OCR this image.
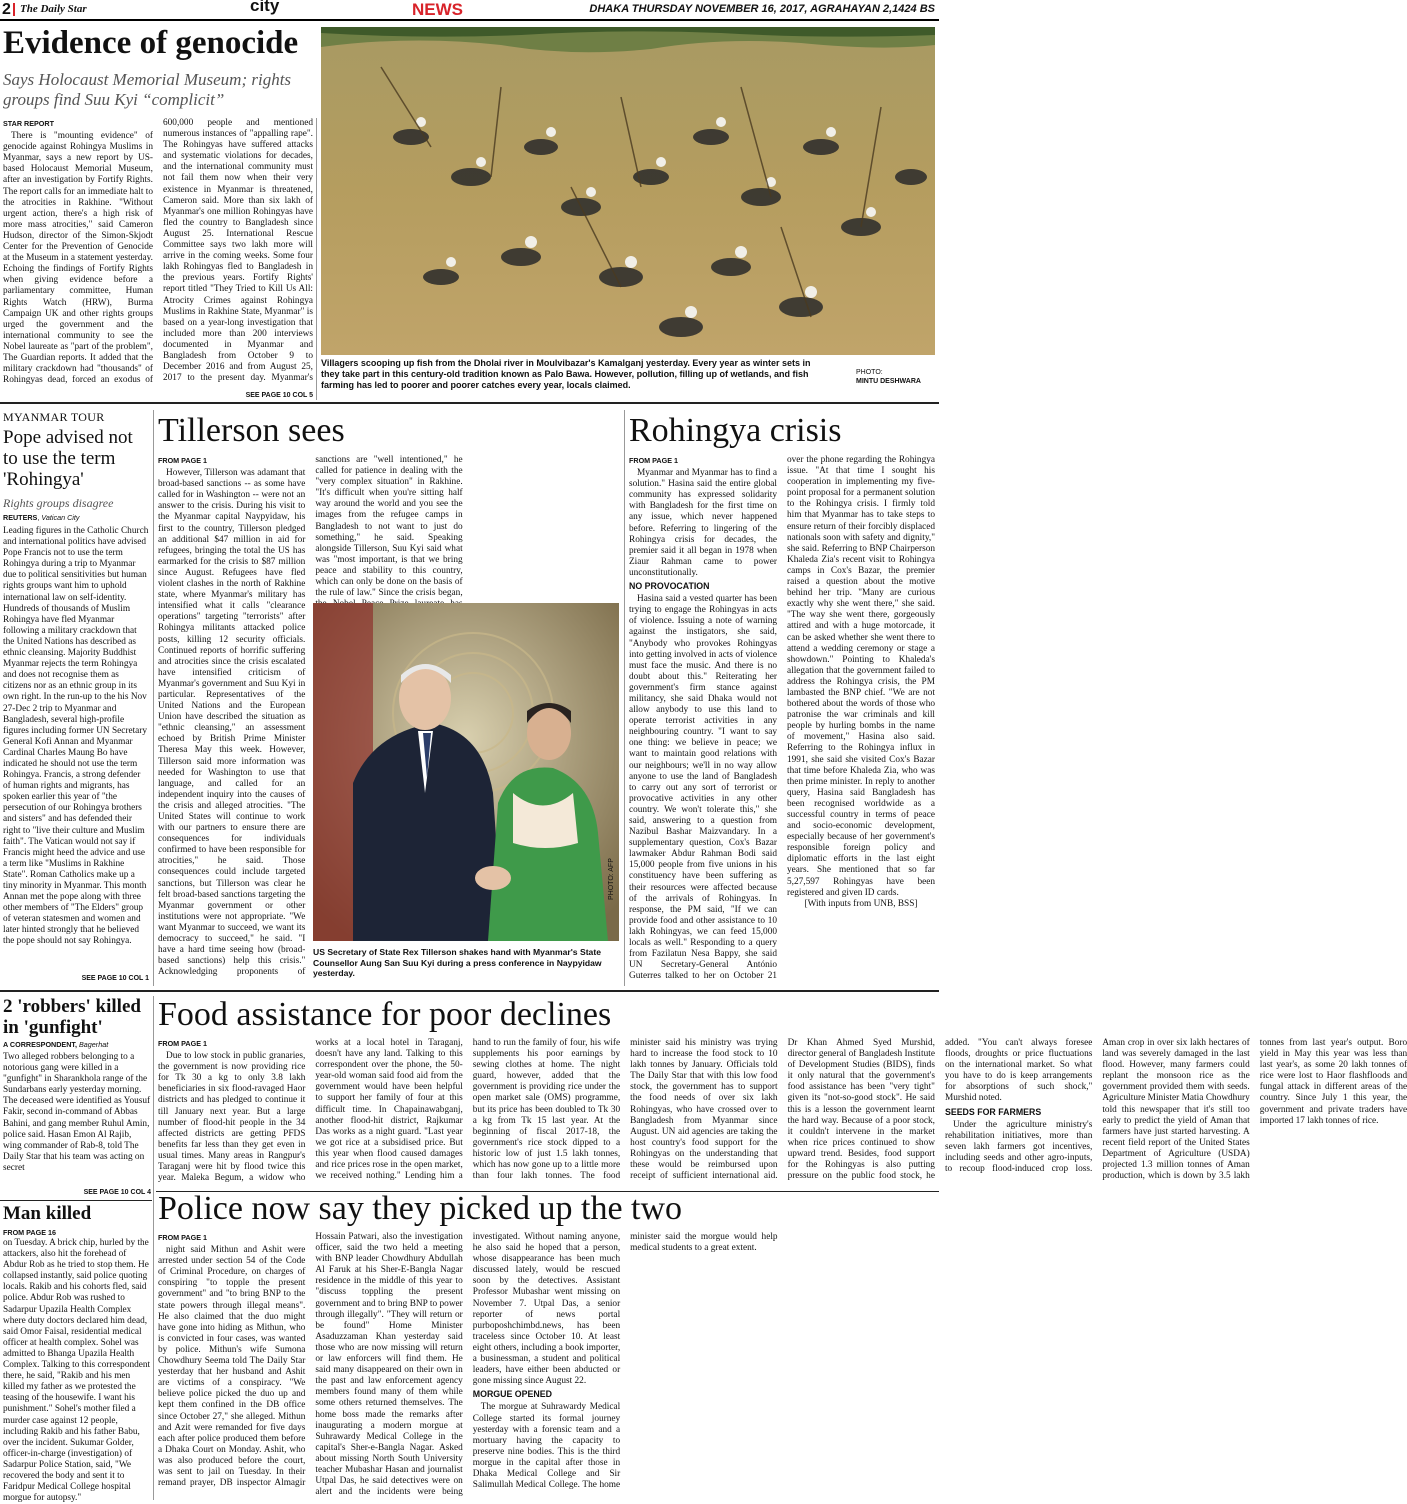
2 The Daily Star	city	NEWS	DHAKA THURSDAY NOVEMBER 16, 2017, AGRAHAYAN 2,1424 BS
Evidence of genocide
Says Holocaust Memorial Museum; rights groups find Suu Kyi “complicit”
STAR REPORT

There is "mounting evidence" of genocide against Rohingya Muslims in Myanmar, says a new report by US-based Holocaust Memorial Museum, after an investigation by Fortify Rights. The report calls for an immediate halt to the atrocities in Rakhine. "Without urgent action, there's a high risk of more mass atrocities," said Cameron Hudson, director of the Simon-Skjodt Center for the Prevention of Genocide at the Museum in a statement yesterday. Echoing the findings of Fortify Rights when giving evidence before a parliamentary committee, Human Rights Watch (HRW), Burma Campaign UK and other rights groups urged the government and the international community to see the Nobel laureate as "part of the problem", The Guardian reports. It added that the military crackdown had "thousands" of Rohingyas dead, forced an exodus of 600,000 people and mentioned numerous instances of "appalling rape". The Rohingyas have suffered attacks and systematic violations for decades, and the international community must not fail them now when their very existence in Myanmar is threatened, Cameron said. More than six lakh of Myanmar's one million Rohingyas have fled the country to Bangladesh since August 25. International Rescue Committee says two lakh more will arrive in the coming weeks. Some four lakh Rohingyas fled to Bangladesh in the previous years. Fortify Rights' report titled "They Tried to Kill Us All: Atrocity Crimes against Rohingya Muslims in Rakhine State, Myanmar" is based on a year-long investigation that included more than 200 interviews documented in Myanmar and Bangladesh from October 9 to December 2016 and from August 25, 2017 to the present day. Myanmar's

SEE PAGE 10 COL 5
Villagers scooping up fish from the Dholai river in Moulvibazar's Kamalganj yesterday. Every year as winter sets in they take part in this century-old tradition known as Palo Bawa. However, pollution, filling up of wetlands, and fish farming has led to poorer and poorer catches every year, locals claimed.
PHOTO:
MINTU DESHWARA
MYANMAR TOUR
Pope advised not to use the term 'Rohingya'
Rights groups disagree
REUTERS, Vatican City
Leading figures in the Catholic Church and international politics have advised Pope Francis not to use the term Rohingya during a trip to Myanmar due to political sensitivities but human rights groups want him to uphold international law on self-identity. Hundreds of thousands of Muslim Rohingya have fled Myanmar following a military crackdown that the United Nations has described as ethnic cleansing. Majority Buddhist Myanmar rejects the term Rohingya and does not recognise them as citizens nor as an ethnic group in its own right. In the run-up to the his Nov 27-Dec 2 trip to Myanmar and Bangladesh, several high-profile figures including former UN Secretary General Kofi Annan and Myanmar Cardinal Charles Maung Bo have indicated he should not use the term Rohingya. Francis, a strong defender of human rights and migrants, has spoken earlier this year of "the persecution of our Rohingya brothers and sisters" and has defended their right to "live their culture and Muslim faith". The Vatican would not say if Francis might heed the advice and use a term like "Muslims in Rakhine State". Roman Catholics make up a tiny minority in Myanmar. This month Annan met the pope along with three other members of "The Elders" group of veteran statesmen and women and later hinted strongly that he believed the pope should not say Rohingya.
SEE PAGE 10 COL 1
Tillerson sees
FROM PAGE 1

However, Tillerson was adamant that broad-based sanctions -- as some have called for in Washington -- were not an answer to the crisis. During his visit to the Myanmar capital Naypyidaw, his first to the country, Tillerson pledged an additional $47 million in aid for refugees, bringing the total the US has earmarked for the crisis to $87 million since August. Refugees have fled violent clashes in the north of Rakhine state, where Myanmar's military has intensified what it calls "clearance operations" targeting "terrorists" after Rohingya militants attacked police posts, killing 12 security officials. Continued reports of horrific suffering and atrocities since the crisis escalated have intensified criticism of Myanmar's government and Suu Kyi in particular. Representatives of the United Nations and the European Union have described the situation as "ethnic cleansing," an assessment echoed by British Prime Minister Theresa May this week. However, Tillerson said more information was needed for Washington to use that language, and called for an independent inquiry into the causes of the crisis and alleged atrocities. "The United States will continue to work with our partners to ensure there are consequences for individuals confirmed to have been responsible for atrocities," he said. Those consequences could include targeted sanctions, but Tillerson was clear he felt broad-based sanctions targeting the Myanmar government or other institutions were not appropriate. "We want Myanmar to succeed, we want its democracy to succeed," he said. "I have a hard time seeing how (broad-based sanctions) help this crisis." Acknowledging proponents of sanctions are "well intentioned," he called for patience in dealing with the "very complex situation" in Rakhine. "It's difficult when you're sitting half way around the world and you see the images from the refugee camps in Bangladesh to not want to just do something," he said. Speaking alongside Tillerson, Suu Kyi said what was "most important, is that we bring peace and stability to this country, which can only be done on the basis of the rule of law." Since the crisis began,

US Secretary of State Rex Tillerson shakes hand with Myanmar's State Counsellor Aung San Suu Kyi during a press conference in Naypyidaw yesterday.
PHOTO: AFP
Rohingya crisis
FROM PAGE 1

Myanmar and Myanmar has to find a solution." Hasina said the entire global community has expressed solidarity with Bangladesh for the first time on any issue, which never happened before. Referring to lingering of the Rohingya crisis for decades, the premier said it all began in 1978 when Ziaur Rahman came to power unconstitutionally.

NO PROVOCATION

Hasina said a vested quarter has been trying to engage the Rohingyas in acts of violence. Issuing a note of warning against the instigators, she said, "Anybody who provokes Rohingyas into getting involved in acts of violence must face the music. And there is no doubt about this." Reiterating her government's firm stance against militancy, she said Dhaka would not allow anybody to use this land to operate terrorist activities in any neighbouring country. "I want to say one thing: we believe in peace; we want to maintain good relations with our neighbours; we'll in no way allow anyone to use the land of Bangladesh to carry out any sort of terrorist or provocative activities in any other country. We won't tolerate this," she said, answering to a question from Nazibul Bashar Maizvandary. In a supplementary question, Cox's Bazar lawmaker Abdur Rahman Bodi said 15,000 people from five unions in his constituency have been suffering as their resources were affected because of the arrivals of Rohingyas. In response, the PM said, "If we can provide food and other assistance to 10 lakh Rohingyas, we can feed 15,000 locals as well." Responding to a query from Fazilatun Nesa Bappy, she said UN Secretary-General António Guterres talked to her on October 21 over the phone regarding the Rohingya issue. "At that time I sought his cooperation in implementing my five-point proposal for a permanent solution to the Rohingya crisis. I firmly told him that Myanmar has to take steps to ensure return of their forcibly displaced nationals soon with safety and dignity," she said. Referring to BNP Chairperson Khaleda Zia's recent visit to Rohingya camps in Cox's Bazar, the premier raised a question about the motive behind her trip. "Many are curious exactly why she went there," she said. "The way she went there, gorgeously attired and with a huge motorcade, it can be asked whether she went there to attend a wedding ceremony or stage a showdown." Pointing to Khaleda's allegation that the government failed to address the Rohingya crisis, the PM lambasted the BNP chief. "We are not bothered about the words of those who patronise the war criminals and kill people by hurling bombs in the name of movement," Hasina also said. Referring to the Rohingya influx in 1991, she said she visited Cox's Bazar that time before Khaleda Zia, who was then prime minister. In reply to another query, Hasina said Bangladesh has been recognised worldwide as a successful country in terms of peace and socio-economic development, especially because of her government's responsible foreign policy and diplomatic efforts in the last eight years. She mentioned that so far 5,27,597 Rohingyas have been registered and given ID cards.

[With inputs from UNB, BSS]
2 'robbers' killed in 'gunfight'
A CORRESPONDENT, Bagerhat
Two alleged robbers belonging to a notorious gang were killed in a "gunfight" in Sharankhola range of the Sundarbans early yesterday morning. The deceased were identified as Yousuf Fakir, second in-command of Abbas Bahini, and gang member Ruhul Amin, police said. Hasan Emon Al Rajib, wing commander of Rab-8, told The Daily Star that his team was acting on secret
SEE PAGE 10 COL 4
Man killed
FROM PAGE 16
on Tuesday. A brick chip, hurled by the attackers, also hit the forehead of Abdur Rob as he tried to stop them. He collapsed instantly, said police quoting locals. Rakib and his cohorts fled, said police. Abdur Rob was rushed to Sadarpur Upazila Health Complex where duty doctors declared him dead, said Omor Faisal, residential medical officer at health complex. Sohel was admitted to Bhanga Upazila Health Complex. Talking to this correspondent there, he said, "Rakib and his men killed my father as we protested the teasing of the housewife. I want his punishment." Sohel's mother filed a murder case against 12 people, including Rakib and his father Babu, over the incident. Sukumar Golder, officer-in-charge (investigation) of Sadarpur Police Station, said, "We recovered the body and sent it to Faridpur Medical College hospital morgue for autopsy."
Food assistance for poor declines
FROM PAGE 1

Due to low stock in public granaries, the government is now providing rice for Tk 30 a kg to only 3.8 lakh beneficiaries in six flood-ravaged Haor districts and has pledged to continue it till January next year. But a large number of flood-hit people in the 34 affected districts are getting PFDS benefits far less than they get even in usual times. Many areas in Rangpur's Taraganj were hit by flood twice this year. Maleka Begum, a widow who works at a local hotel in Taraganj, doesn't have any land. Talking to this correspondent over the phone, the 50-year-old woman said food aid from the government would have been helpful to support her family of four at this difficult time. In Chapainawabganj, another flood-hit district, Rajkumar Das works as a night guard. "Last year we got rice at a subsidised price. But this year when flood caused damages and rice prices rose in the open market, we received nothing." Lending him a hand to run the family of four, his wife supplements his poor earnings by sewing clothes at home. The night guard, however, added that the government is providing rice under the open market sale (OMS) programme, but its price has been doubled to Tk 30 a kg from Tk 15 last year. At the beginning of fiscal 2017-18, the government's rice stock dipped to a historic low of just 1.5 lakh tonnes, which has now gone up to a little more than four lakh tonnes. The food minister said his ministry was trying hard to increase the food stock to 10 lakh tonnes by January. Officials told The Daily Star that with this low food stock, the government has to support the food needs of over six lakh Rohingyas, who have crossed over to Bangladesh from Myanmar since August. UN aid agencies are taking the host country's food support for the Rohingyas on the understanding that these would be reimbursed upon receipt of sufficient international aid. Dr Khan Ahmed Syed Murshid, director general of Bangladesh Institute of Development Studies (BIDS), finds it only natural that the government's food assistance has been "very tight" given its "not-so-good stock". He said this is a lesson the government learnt the hard way. Because of a poor stock, it couldn't intervene in the market when rice prices continued to show upward trend. Besides, food support for the Rohingyas is also putting pressure on the public food stock, he added. "You can't always foresee floods, droughts or price fluctuations on the international market. So what you have to do is keep arrangements for absorptions of such shock," Murshid noted.

SEEDS FOR FARMERS

Under the agriculture ministry's rehabilitation initiatives, more than seven lakh farmers got incentives, including seeds and other agro-inputs, to recoup flood-induced crop loss. Aman crop in over six lakh hectares of land was severely damaged in the last flood. However, many farmers could replant the monsoon rice as the government provided them with seeds. Agriculture Minister Matia Chowdhury told this newspaper that it's still too early to predict the yield of Aman that farmers have just started harvesting. A recent field report of the United States Department of Agriculture (USDA) projected 1.3 million tonnes of Aman production, which is down by 3.5 lakh tonnes from last year's output. Boro yield in May this year was less than last year's, as some 20 lakh tonnes of rice were lost to Haor flashfloods and fungal attack in different areas of the country. Since July 1 this year, the government and private traders have imported 17 lakh tonnes of rice.

Police now say they picked up the two
FROM PAGE 1

night said Mithun and Ashit were arrested under section 54 of the Code of Criminal Procedure, on charges of conspiring "to topple the present government" and "to bring BNP to the state powers through illegal means". He also claimed that the duo might have gone into hiding as Mithun, who is convicted in four cases, was wanted by police. Mithun's wife Sumona Chowdhury Seema told The Daily Star yesterday that her husband and Ashit are victims of a conspiracy. "We believe police picked the duo up and kept them confined in the DB office since October 27," she alleged. Mithun and Azit were remanded for five days each after police produced them before a Dhaka Court on Monday. Ashit, who was also produced before the court, was sent to jail on Tuesday. In their remand prayer, DB inspector Almagir Hossain Patwari, also the investigation officer, said the two held a meeting with BNP leader Chowdhury Abdullah Al Faruk at his Sher-E-Bangla Nagar residence in the middle of this year to "discuss toppling the present government and to bring BNP to power through illegally". "They will return or be found" Home Minister Asaduzzaman Khan yesterday said those who are now missing will return or law enforcers will find them. He said many disappeared on their own in the past and law enforcement agency members found many of them while some others returned themselves. The home boss made the remarks after inaugurating a modern morgue at Suhrawardy Medical College in the capital's Sher-e-Bangla Nagar. Asked about missing North South University teacher Mubashar Hasan and journalist Utpal Das, he said detectives were on alert and the incidents were being investigated. Without naming anyone, he also said he hoped that a person, whose disappearance has been much discussed lately, would be rescued soon by the detectives. Assistant Professor Mubashar went missing on November 7. Utpal Das, a senior reporter of news portal purboposhchimbd.news, has been traceless since October 10. At least eight others, including a book importer, a businessman, a student and political leaders, have either been abducted or gone missing since August 22.

MORGUE OPENED

The morgue at Suhrawardy Medical College started its formal journey yesterday with a forensic team and a mortuary having the capacity to preserve nine bodies. This is the third morgue in the capital after those in Dhaka Medical College and Sir Salimullah Medical College. The home minister said the morgue would help medical students to a great extent.
